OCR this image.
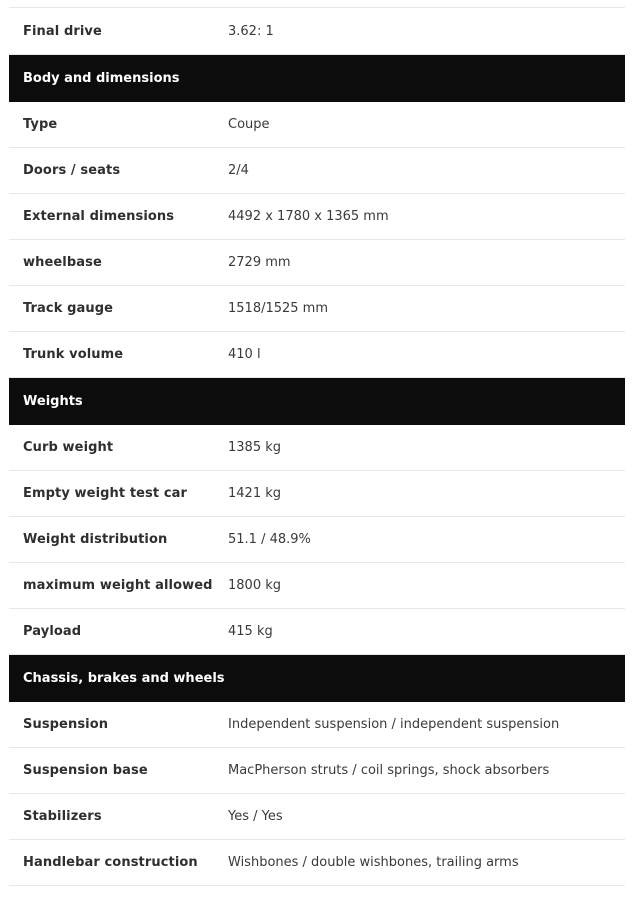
Final drive	3.62: 1
Body and dimensions
Type	Coupe
Doors / seats	2/4
External dimensions	4492 x 1780 x 1365 mm
wheelbase	2729 mm
Track gauge	1518/1525 mm
Trunk volume	410 l
Weights
Curb weight	1385 kg
Empty weight test car	1421 kg
Weight distribution	51.1 / 48.9%
maximum weight allowed	1800 kg
Payload	415 kg
Chassis, brakes and wheels
Suspension	Independent suspension / independent suspension
Suspension base	MacPherson struts / coil springs, shock absorbers
Stabilizers	Yes / Yes
Handlebar construction	Wishbones / double wishbones, trailing arms
